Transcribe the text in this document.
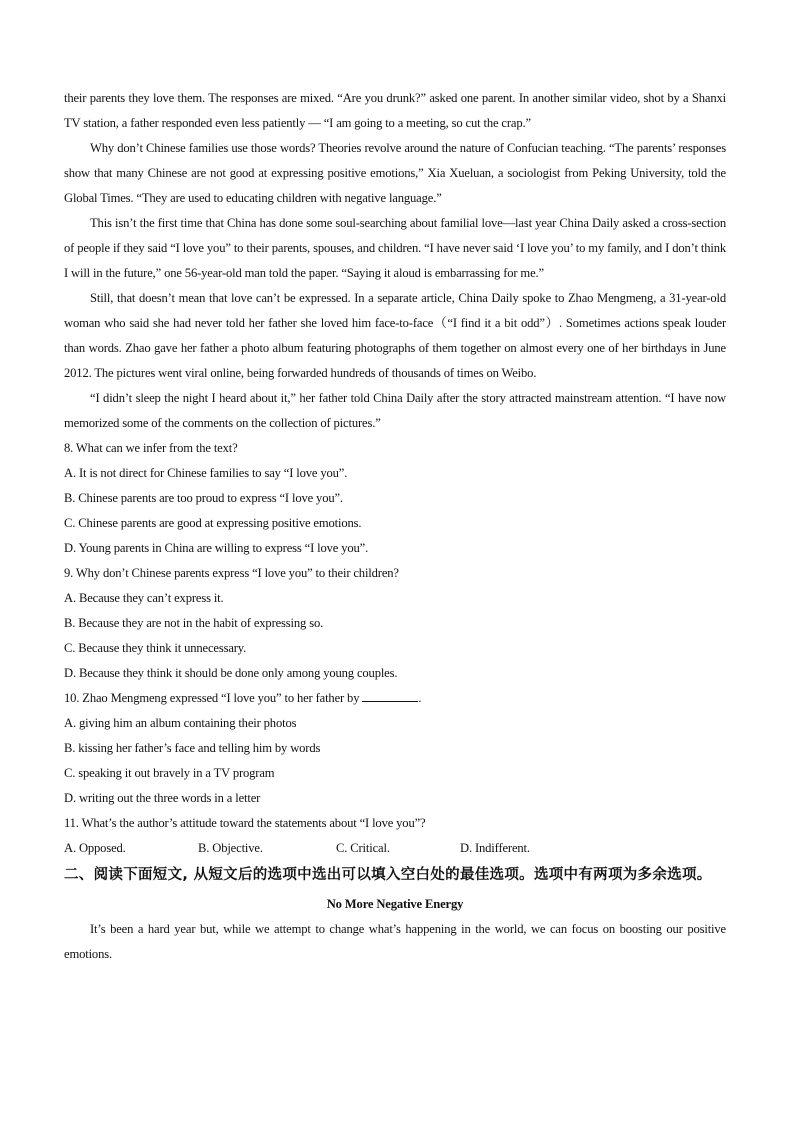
their parents they love them. The responses are mixed. “Are you drunk?” asked one parent. In another similar video, shot by a Shanxi TV station, a father responded even less patiently — “I am going to a meeting, so cut the crap.”

Why don’t Chinese families use those words? Theories revolve around the nature of Confucian teaching. “The parents’ responses show that many Chinese are not good at expressing positive emotions,” Xia Xueluan, a sociologist from Peking University, told the Global Times. “They are used to educating children with negative language.”

This isn’t the first time that China has done some soul-searching about familial love—last year China Daily asked a cross-section of people if they said “I love you” to their parents, spouses, and children. “I have never said ‘I love you’ to my family, and I don’t think I will in the future,” one 56-year-old man told the paper. “Saying it aloud is embarrassing for me.”

Still, that doesn’t mean that love can’t be expressed. In a separate article, China Daily spoke to Zhao Mengmeng, a 31-year-old woman who said she had never told her father she loved him face-to-face（“I find it a bit odd”）. Sometimes actions speak louder than words. Zhao gave her father a photo album featuring photographs of them together on almost every one of her birthdays in June 2012. The pictures went viral online, being forwarded hundreds of thousands of times on Weibo.

“I didn’t sleep the night I heard about it,” her father told China Daily after the story attracted mainstream attention. “I have now memorized some of the comments on the collection of pictures.”

8. What can we infer from the text?

A. It is not direct for Chinese families to say “I love you”.

B. Chinese parents are too proud to express “I love you”.

C. Chinese parents are good at expressing positive emotions.

D. Young parents in China are willing to express “I love you”.

9. Why don’t Chinese parents express “I love you” to their children?

A. Because they can’t express it.

B. Because they are not in the habit of expressing so.

C. Because they think it unnecessary.

D. Because they think it should be done only among young couples.

10. Zhao Mengmeng expressed “I love you” to her father by	.

A. giving him an album containing their photos

B. kissing her father’s face and telling him by words

C. speaking it out bravely in a TV program

D. writing out the three words in a letter

11. What’s the author’s attitude toward the statements about “I love you”?

A. Opposed.	B. Objective.	C. Critical.	D. Indifferent.

二、阅读下面短文, 从短文后的选项中选出可以填入空白处的最佳选项。选项中有两项为多余选项。

No More Negative Energy

It’s been a hard year but, while we attempt to change what’s happening in the world, we can focus on boosting our positive emotions.
